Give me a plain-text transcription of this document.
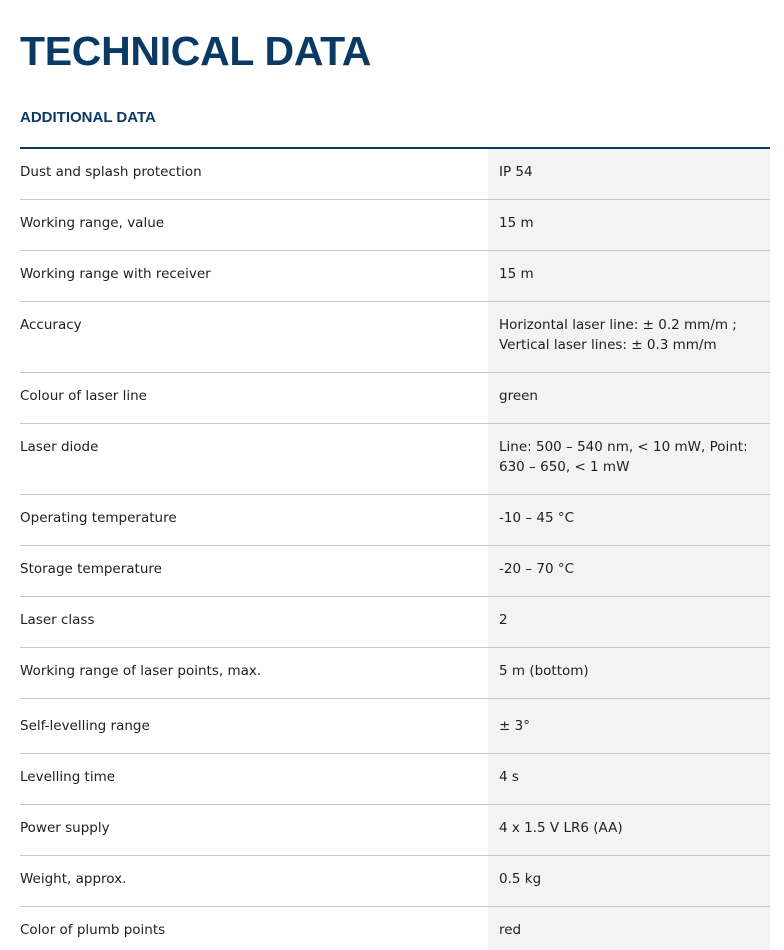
TECHNICAL DATA
ADDITIONAL DATA
Dust and splash protection	IP 54
Working range, value	15 m
Working range with receiver	15 m
Accuracy	Horizontal laser line: ± 0.2 mm/m ; Vertical laser lines: ± 0.3 mm/m
Colour of laser line	green
Laser diode	Line: 500 – 540 nm, < 10 mW, Point: 630 – 650, < 1 mW
Operating temperature	-10 – 45 °C
Storage temperature	-20 – 70 °C
Laser class	2
Working range of laser points, max.	5 m (bottom)
Self-levelling range	± 3°
Levelling time	4 s
Power supply	4 x 1.5 V LR6 (AA)
Weight, approx.	0.5 kg
Color of plumb points	red
